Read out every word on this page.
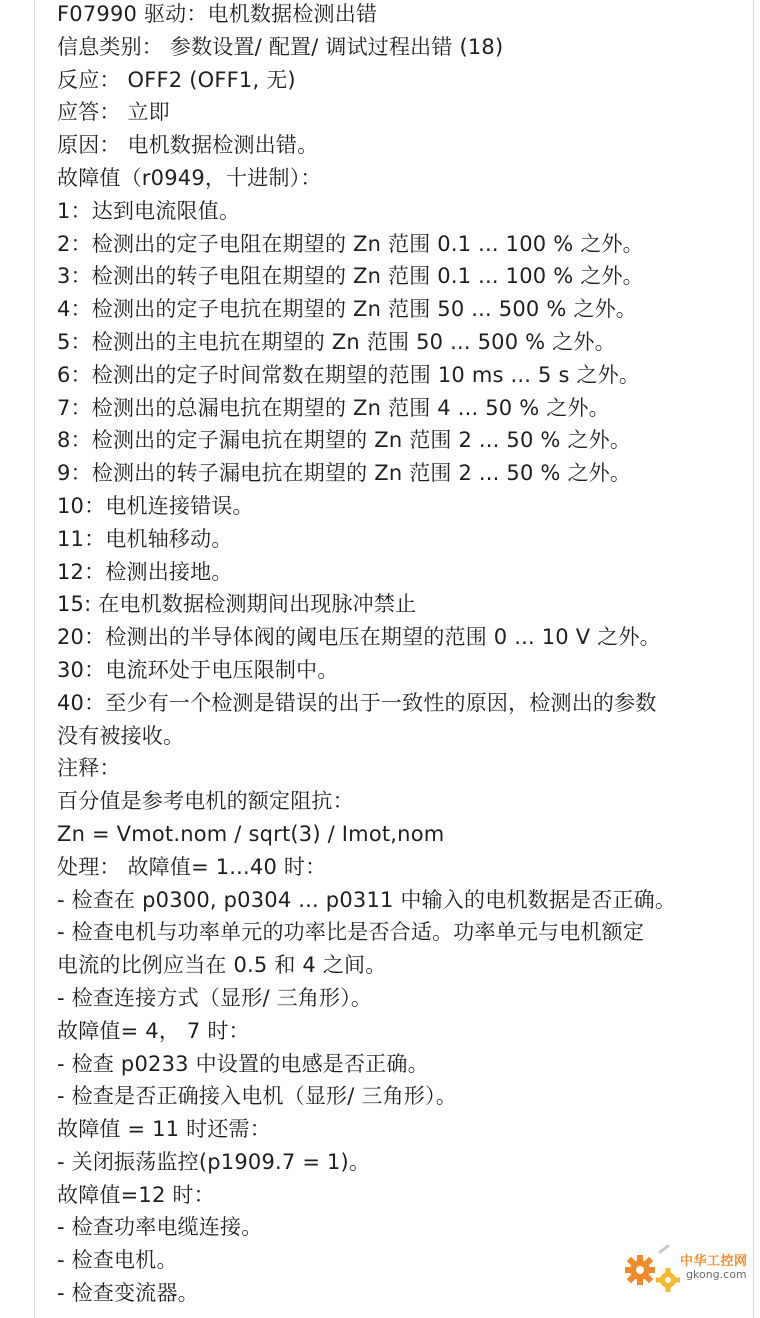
F07990 驱动：电机数据检测出错
信息类别： 参数设置/ 配置/ 调试过程出错 (18)
反应： OFF2 (OFF1, 无)
应答： 立即
原因： 电机数据检测出错。
故障值（r0949，十进制）：
1：达到电流限值。
2：检测出的定子电阻在期望的 Zn 范围 0.1 ... 100 % 之外。
3：检测出的转子电阻在期望的 Zn 范围 0.1 ... 100 % 之外。
4：检测出的定子电抗在期望的 Zn 范围 50 ... 500 % 之外。
5：检测出的主电抗在期望的 Zn 范围 50 ... 500 % 之外。
6：检测出的定子时间常数在期望的范围 10 ms ... 5 s 之外。
7：检测出的总漏电抗在期望的 Zn 范围 4 ... 50 % 之外。
8：检测出的定子漏电抗在期望的 Zn 范围 2 ... 50 % 之外。
9：检测出的转子漏电抗在期望的 Zn 范围 2 ... 50 % 之外。
10：电机连接错误。
11：电机轴移动。
12：检测出接地。
15: 在电机数据检测期间出现脉冲禁止
20：检测出的半导体阀的阈电压在期望的范围 0 ... 10 V 之外。
30：电流环处于电压限制中。
40：至少有一个检测是错误的出于一致性的原因，检测出的参数
没有被接收。
注释：
百分值是参考电机的额定阻抗：
Zn = Vmot.nom / sqrt(3) / Imot,nom
处理： 故障值= 1...40 时：
- 检查在 p0300, p0304 ... p0311 中输入的电机数据是否正确。
- 检查电机与功率单元的功率比是否合适。功率单元与电机额定
电流的比例应当在 0.5 和 4 之间。
- 检查连接方式（显形/ 三角形）。
故障值= 4， 7 时：
- 检查 p0233 中设置的电感是否正确。
- 检查是否正确接入电机（显形/ 三角形）。
故障值 = 11 时还需：
- 关闭振荡监控(p1909.7 = 1)。
故障值=12 时：
- 检查功率电缆连接。
- 检查电机。
- 检查变流器。
中华工控网
gkong.com
